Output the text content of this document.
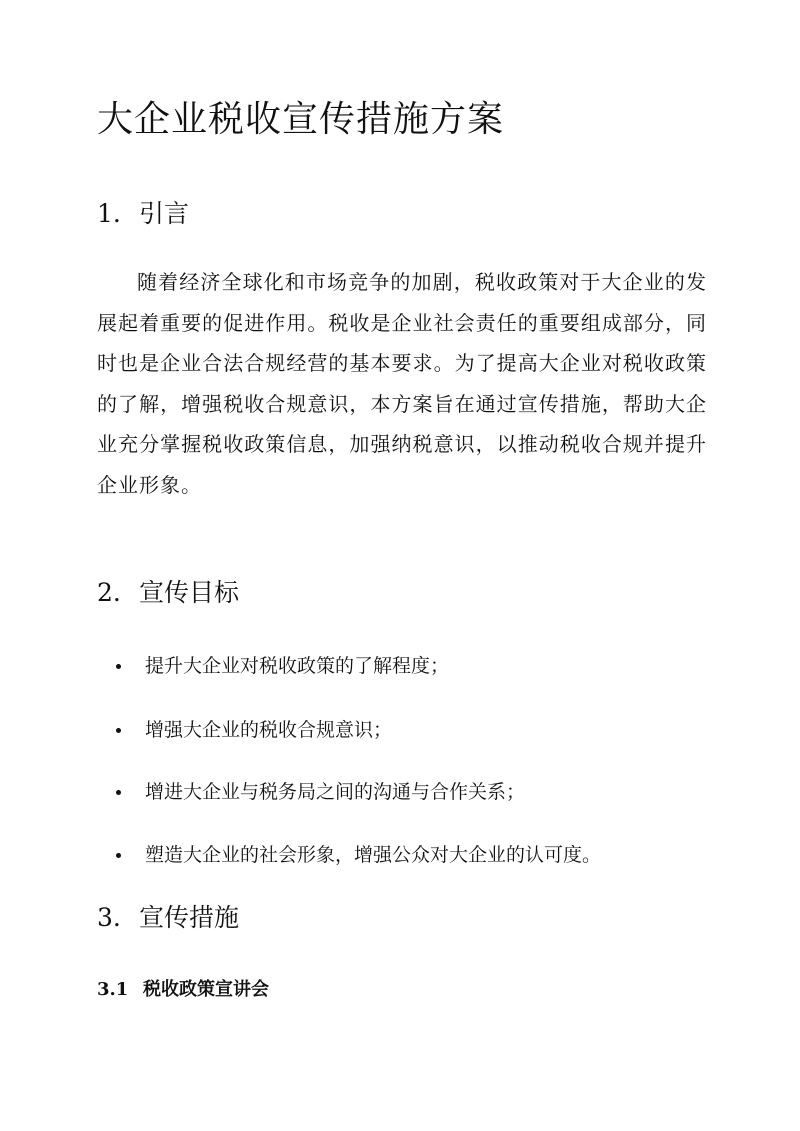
大企业税收宣传措施方案
1. 引言

随着经济全球化和市场竞争的加剧，税收政策对于大企业的发展起着重要的促进作用。税收是企业社会责任的重要组成部分，同时也是企业合法合规经营的基本要求。为了提高大企业对税收政策的了解，增强税收合规意识，本方案旨在通过宣传措施，帮助大企业充分掌握税收政策信息，加强纳税意识，以推动税收合规并提升企业形象。

2. 宣传目标
提升大企业对税收政策的了解程度；
增强大企业的税收合规意识；
增进大企业与税务局之间的沟通与合作关系；
塑造大企业的社会形象，增强公众对大企业的认可度。
3. 宣传措施
3.1 税收政策宣讲会
